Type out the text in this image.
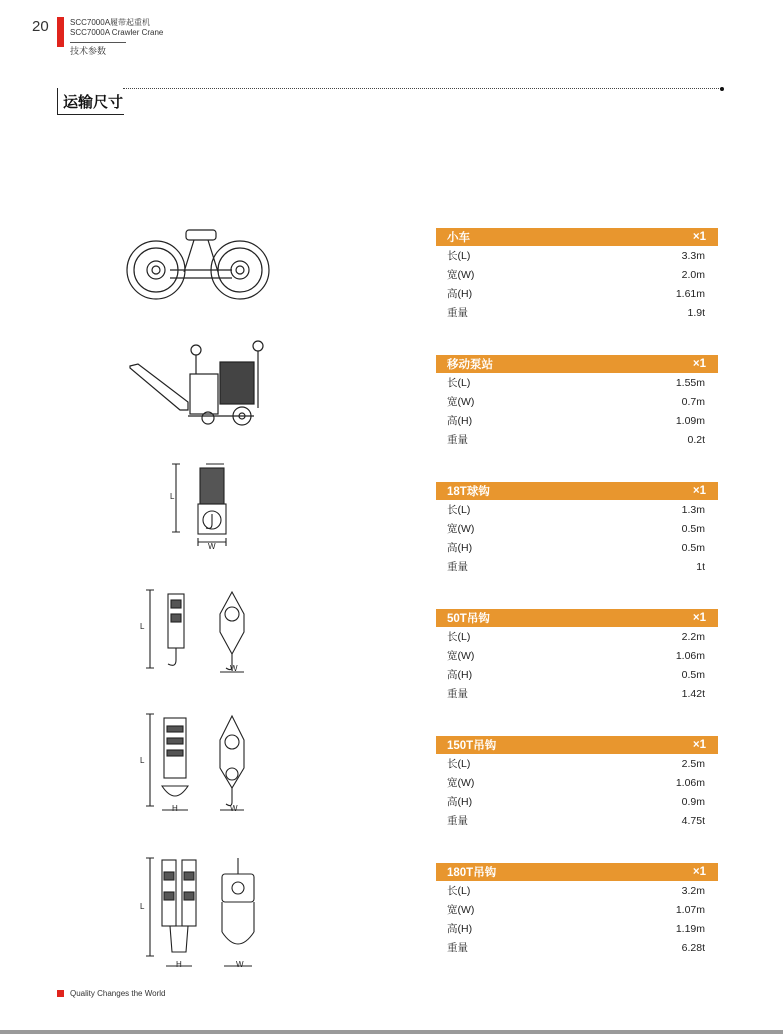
20	SCC7000A履带起重机
SCC7000A Crawler Crane
技术参数
运输尺寸
L
W
L
W
L
H	W
L
H	W
小车	×1
长(L)	3.3m
宽(W)	2.0m
高(H)	1.61m
重量	1.9t
移动泵站	×1
长(L)	1.55m
宽(W)	0.7m
高(H)	1.09m
重量	0.2t
18T球钩	×1
长(L)	1.3m
宽(W)	0.5m
高(H)	0.5m
重量	1t
50T吊钩	×1
长(L)	2.2m
宽(W)	1.06m
高(H)	0.5m
重量	1.42t
150T吊钩	×1
长(L)	2.5m
宽(W)	1.06m
高(H)	0.9m
重量	4.75t
180T吊钩	×1
长(L)	3.2m
宽(W)	1.07m
高(H)	1.19m
重量	6.28t
Quality Changes the World
